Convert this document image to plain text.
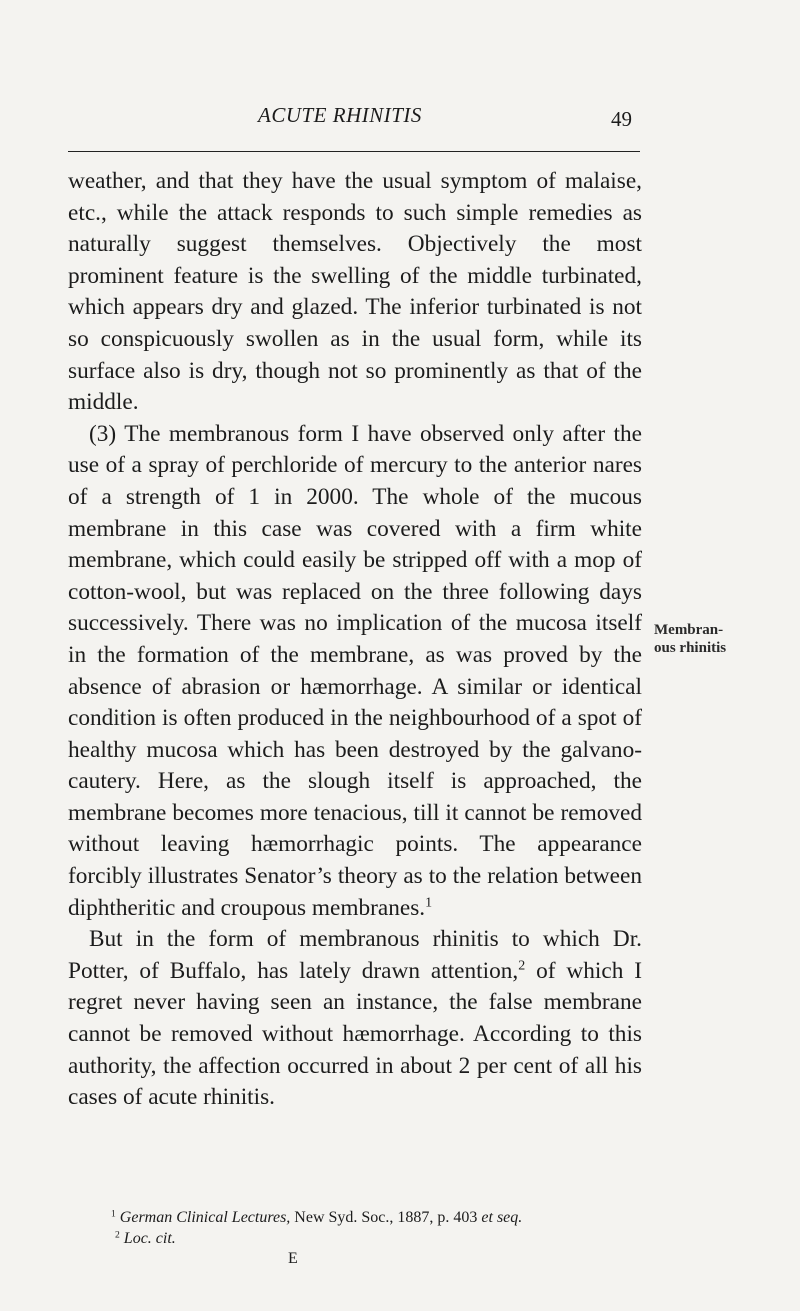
ACUTE RHINITIS	49

weather, and that they have the usual symptom of malaise, etc., while the attack responds to such simple remedies as naturally suggest themselves. Objectively the most prominent feature is the swelling of the middle turbinated, which appears dry and glazed. The inferior turbinated is not so conspicuously swollen as in the usual form, while its surface also is dry, though not so prominently as that of the middle.

(3) The membranous form I have observed only after the use of a spray of perchloride of mercury to the anterior nares of a strength of 1 in 2000. The whole of the mucous membrane in this case was covered with a firm white membrane, which could easily be stripped off with a mop of cotton-wool, but was replaced on the three following days successively. There was no implication of the mucosa itself in the formation of the membrane, as was proved by the absence of abrasion or hæmorrhage. A similar or identical condition is often produced in the neighbourhood of a spot of healthy mucosa which has been destroyed by the galvano-cautery. Here, as the slough itself is approached, the membrane becomes more tenacious, till it cannot be removed without leaving hæmorrhagic points. The appearance forcibly illustrates Senator’s theory as to the relation between diphtheritic and croupous membranes.$^1$

But in the form of membranous rhinitis to which Dr. Potter, of Buffalo, has lately drawn attention,$^2$ of which I regret never having seen an instance, the false membrane cannot be removed without hæmorrhage. According to this authority, the affection occurred in about 2 per cent of all his cases of acute rhinitis.

Membran-
ous rhinitis
$^1$ German Clinical Lectures, New Syd. Soc., 1887, p. 403 et seq.
$^2$ Loc. cit.
E
